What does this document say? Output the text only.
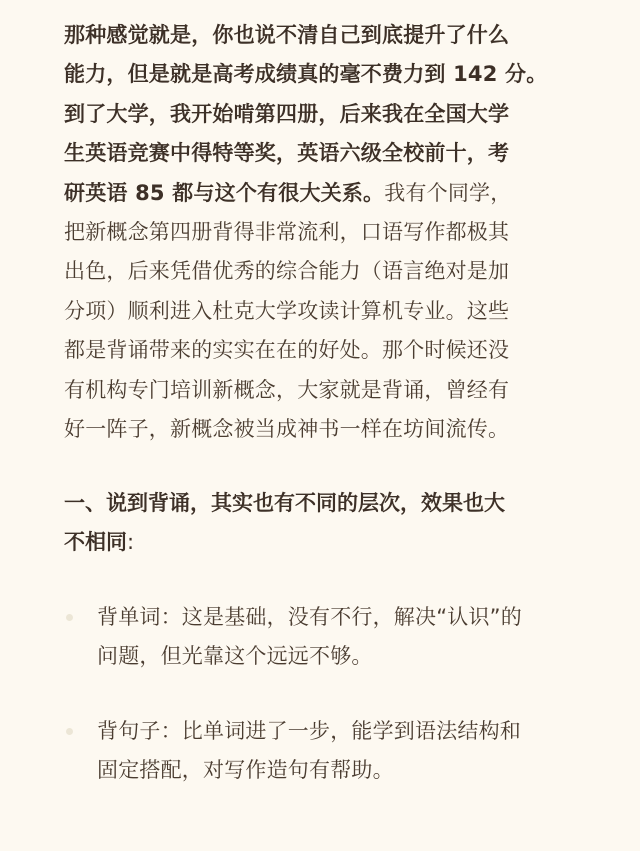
那种感觉就是，你也说不清自己到底提升了什么
能力，但是就是高考成绩真的毫不费力到 142 分。
到了大学，我开始啃第四册，后来我在全国大学
生英语竞赛中得特等奖，英语六级全校前十，考
研英语 85 都与这个有很大关系。我有个同学，
把新概念第四册背得非常流利，口语写作都极其
出色，后来凭借优秀的综合能力（语言绝对是加
分项）顺利进入杜克大学攻读计算机专业。这些
都是背诵带来的实实在在的好处。那个时候还没
有机构专门培训新概念，大家就是背诵，曾经有
好一阵子，新概念被当成神书一样在坊间流传。

一、说到背诵，其实也有不同的层次，效果也大
不相同:
背单词：这是基础，没有不行，解决“认识”的
问题，但光靠这个远远不够。
背句子：比单词进了一步，能学到语法结构和
固定搭配，对写作造句有帮助。
